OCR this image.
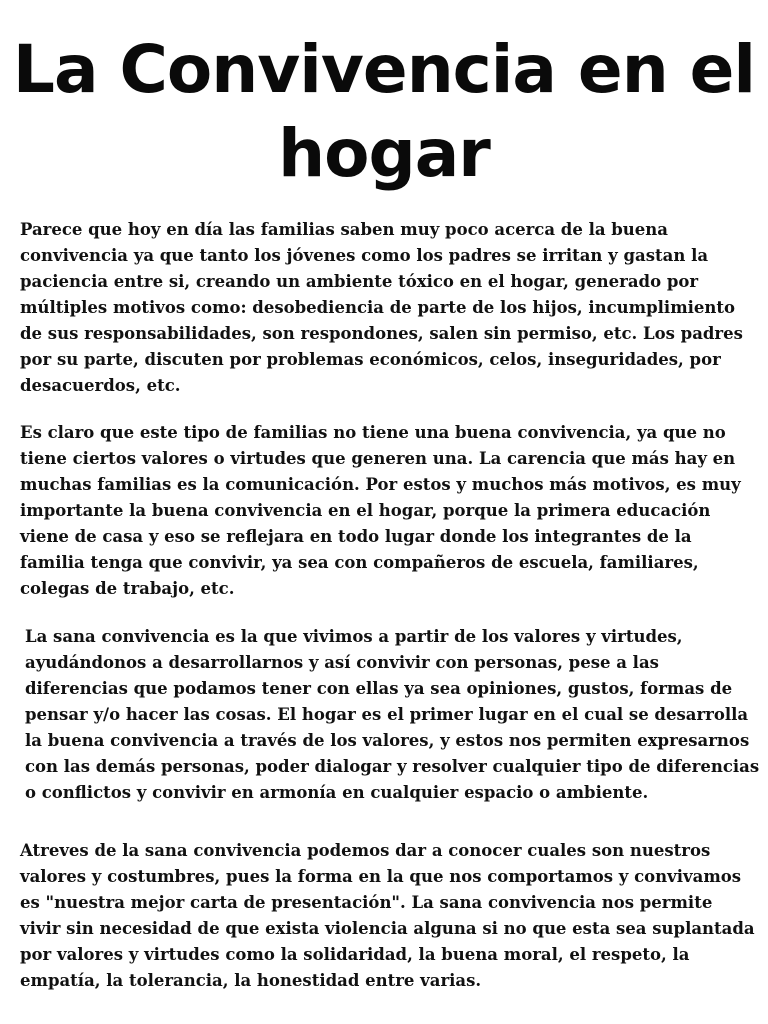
La Convivencia en el hogar

Parece que hoy en día las familias saben muy poco acerca de la buena convivencia ya que tanto los jóvenes como los padres se irritan y gastan la paciencia entre si, creando un ambiente tóxico en el hogar, generado por múltiples motivos como: desobediencia de parte de los hijos, incumplimiento de sus responsabilidades, son respondones, salen sin permiso, etc. Los padres por su parte, discuten por problemas económicos, celos, inseguridades, por desacuerdos, etc.

Es claro que este tipo de familias no tiene una buena convivencia, ya que no tiene ciertos valores o virtudes que generen una. La carencia que más hay en muchas familias es la comunicación. Por estos y muchos más motivos, es muy importante la buena convivencia en el hogar, porque la primera educación viene de casa y eso se reflejara en todo lugar donde los integrantes de la familia tenga que convivir, ya sea con compañeros de escuela, familiares, colegas de trabajo, etc.

La sana convivencia es la que vivimos a partir de los valores y virtudes, ayudándonos a desarrollarnos y así convivir con personas, pese a las diferencias que podamos tener con ellas ya sea opiniones, gustos, formas de pensar y/o hacer las cosas. El hogar es el primer lugar en el cual se desarrolla la buena convivencia a través de los valores, y estos nos permiten expresarnos con las demás personas, poder dialogar y resolver cualquier tipo de diferencias o conflictos y convivir en armonía en cualquier espacio o ambiente.

Atreves de la sana convivencia podemos dar a conocer cuales son nuestros valores y costumbres, pues la forma en la que nos comportamos y convivamos es "nuestra mejor carta de presentación". La sana convivencia nos permite vivir sin necesidad de que exista violencia alguna si no que esta sea suplantada por valores y virtudes como la solidaridad, la buena moral, el respeto, la empatía, la tolerancia, la honestidad entre varias.
